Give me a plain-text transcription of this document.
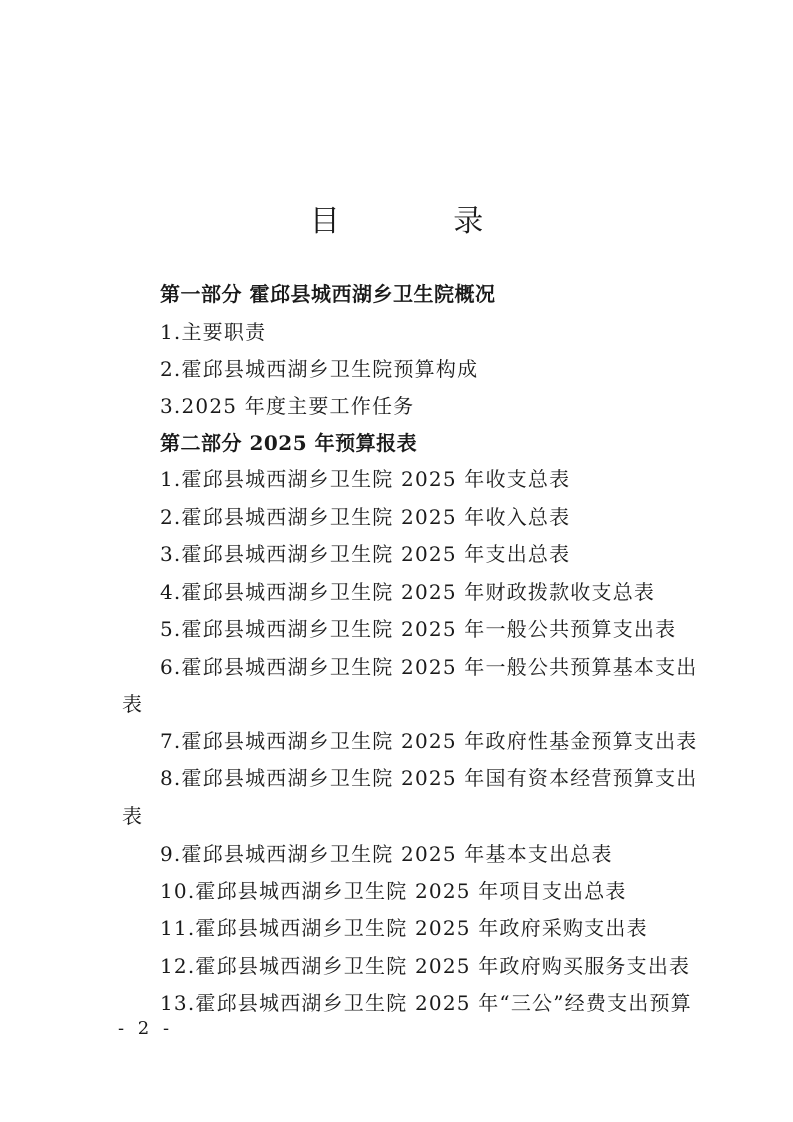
目 录
第一部分 霍邱县城西湖乡卫生院概况
1.主要职责
2.霍邱县城西湖乡卫生院预算构成
3.2025 年度主要工作任务
第二部分 2025 年预算报表
1.霍邱县城西湖乡卫生院 2025 年收支总表
2.霍邱县城西湖乡卫生院 2025 年收入总表
3.霍邱县城西湖乡卫生院 2025 年支出总表
4.霍邱县城西湖乡卫生院 2025 年财政拨款收支总表
5.霍邱县城西湖乡卫生院 2025 年一般公共预算支出表
6.霍邱县城西湖乡卫生院 2025 年一般公共预算基本支出
表
7.霍邱县城西湖乡卫生院 2025 年政府性基金预算支出表
8.霍邱县城西湖乡卫生院 2025 年国有资本经营预算支出
表
9.霍邱县城西湖乡卫生院 2025 年基本支出总表
10.霍邱县城西湖乡卫生院 2025 年项目支出总表
11.霍邱县城西湖乡卫生院 2025 年政府采购支出表
12.霍邱县城西湖乡卫生院 2025 年政府购买服务支出表
13.霍邱县城西湖乡卫生院 2025 年“三公”经费支出预算
- 2 -
